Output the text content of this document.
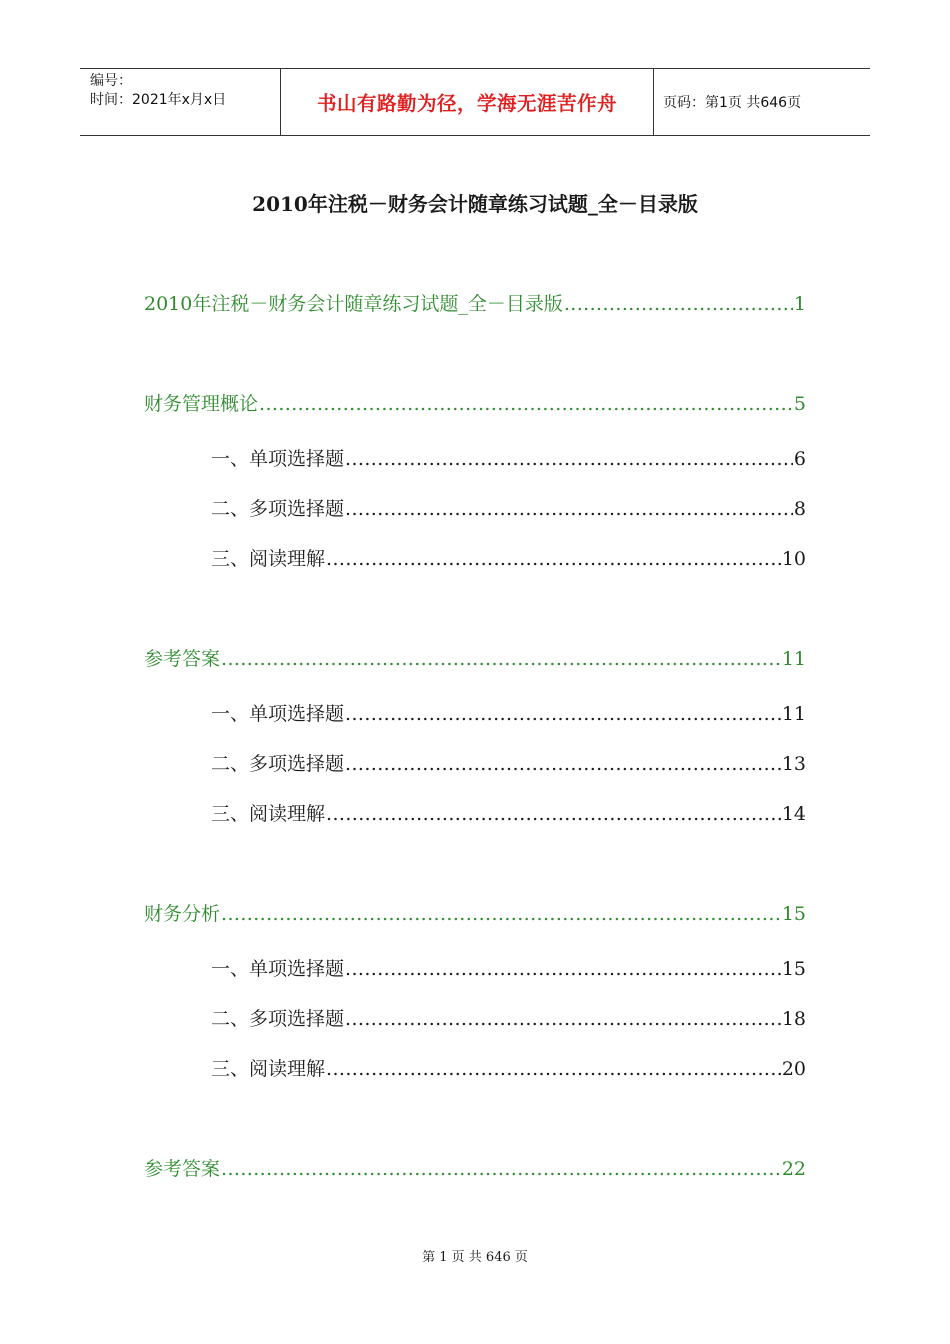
编号：
时间：2021年x月x日	书山有路勤为径，学海无涯苦作舟	页码：第1页 共646页
2010年注税－财务会计随章练习试题_全－目录版
2010年注税－财务会计随章练习试题_全－目录版 .....	1
财务管理概论 .....	5
一、单项选择题 .....	6
二、多项选择题 .....	8
三、阅读理解 .....	10
参考答案 .....	11
一、单项选择题 .....	11
二、多项选择题 .....	13
三、阅读理解 .....	14
财务分析 .....	15
一、单项选择题 .....	15
二、多项选择题 .....	18
三、阅读理解 .....	20
参考答案 .....	22
第 1 页 共 646 页
